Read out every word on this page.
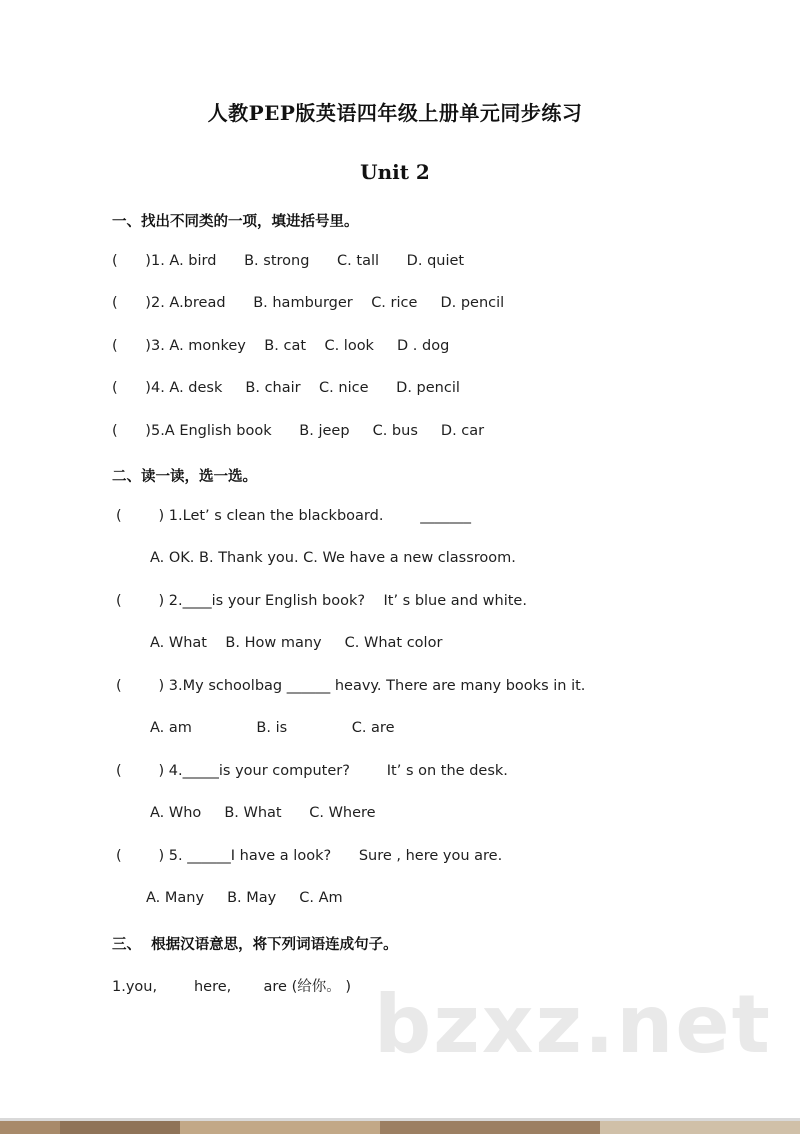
人教PEP版英语四年级上册单元同步练习
Unit 2
一、找出不同类的一项，填进括号里。
(      )1. A. bird      B. strong      C. tall      D. quiet
(      )2. A.bread      B. hamburger    C. rice     D. pencil
(      )3. A. monkey    B. cat    C. look     D . dog
(      )4. A. desk     B. chair    C. nice      D. pencil
(      )5.A English book      B. jeep     C. bus     D. car
二、读一读，选一选。
(        ) 1.Let’ s clean the blackboard.        _______
A. OK. B. Thank you. C. We have a new classroom.
(        ) 2.____is your English book?    It’ s blue and white.
A. What    B. How many     C. What color
(        ) 3.My schoolbag ______ heavy. There are many books in it.
A. am              B. is              C. are
(        ) 4._____is your computer?        It’ s on the desk.
A. Who     B. What      C. Where
(        ) 5. ______I have a look?      Sure , here you are.
A. Many     B. May     C. Am
三、  根据汉语意思，将下列词语连成句子。
1.you,        here,       are (给你。 ) bzxz.net
